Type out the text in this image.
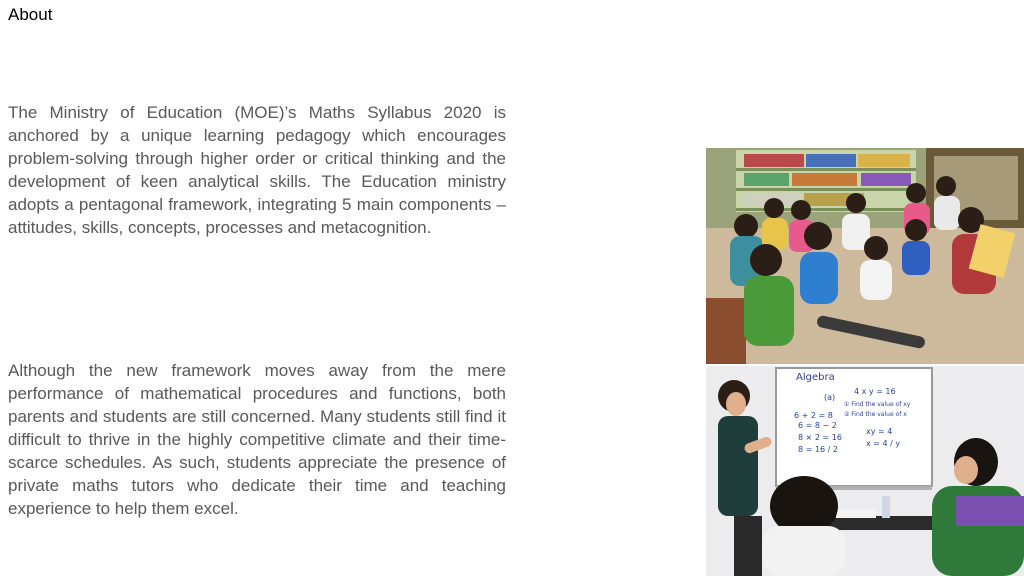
About

The Ministry of Education (MOE)’s Maths Syllabus 2020 is anchored by a unique learning pedagogy which encourages problem-solving through higher order or critical thinking and the development of keen analytical skills. The Education ministry adopts a pentagonal framework, integrating 5 main components – attitudes, skills, concepts, processes and metacognition.

Although the new framework moves away from the mere performance of mathematical procedures and functions, both parents and students are still concerned. Many students still find it difficult to thrive in the highly competitive climate and their time-scarce schedules. As such, students appreciate the presence of private maths tutors who dedicate their time and teaching experience to help them excel.

Algebra
4 x y = 16
(a)
① Find the value of xy
② Find the value of x
6 + 2 = 8
6 = 8 − 2
8 × 2 = 16
8 = 16 / 2
xy = 4
x = 4 / y
